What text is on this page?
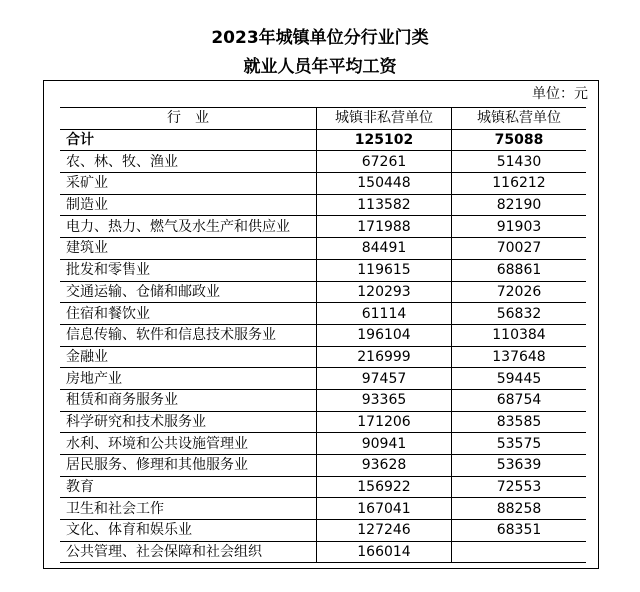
2023年城镇单位分行业门类
就业人员年平均工资
单位：元
行　业	城镇非私营单位	城镇私营单位
合计	125102	75088
农、林、牧、渔业	67261	51430
采矿业	150448	116212
制造业	113582	82190
电力、热力、燃气及水生产和供应业	171988	91903
建筑业	84491	70027
批发和零售业	119615	68861
交通运输、仓储和邮政业	120293	72026
住宿和餐饮业	61114	56832
信息传输、软件和信息技术服务业	196104	110384
金融业	216999	137648
房地产业	97457	59445
租赁和商务服务业	93365	68754
科学研究和技术服务业	171206	83585
水利、环境和公共设施管理业	90941	53575
居民服务、修理和其他服务业	93628	53639
教育	156922	72553
卫生和社会工作	167041	88258
文化、体育和娱乐业	127246	68351
公共管理、社会保障和社会组织	166014	
